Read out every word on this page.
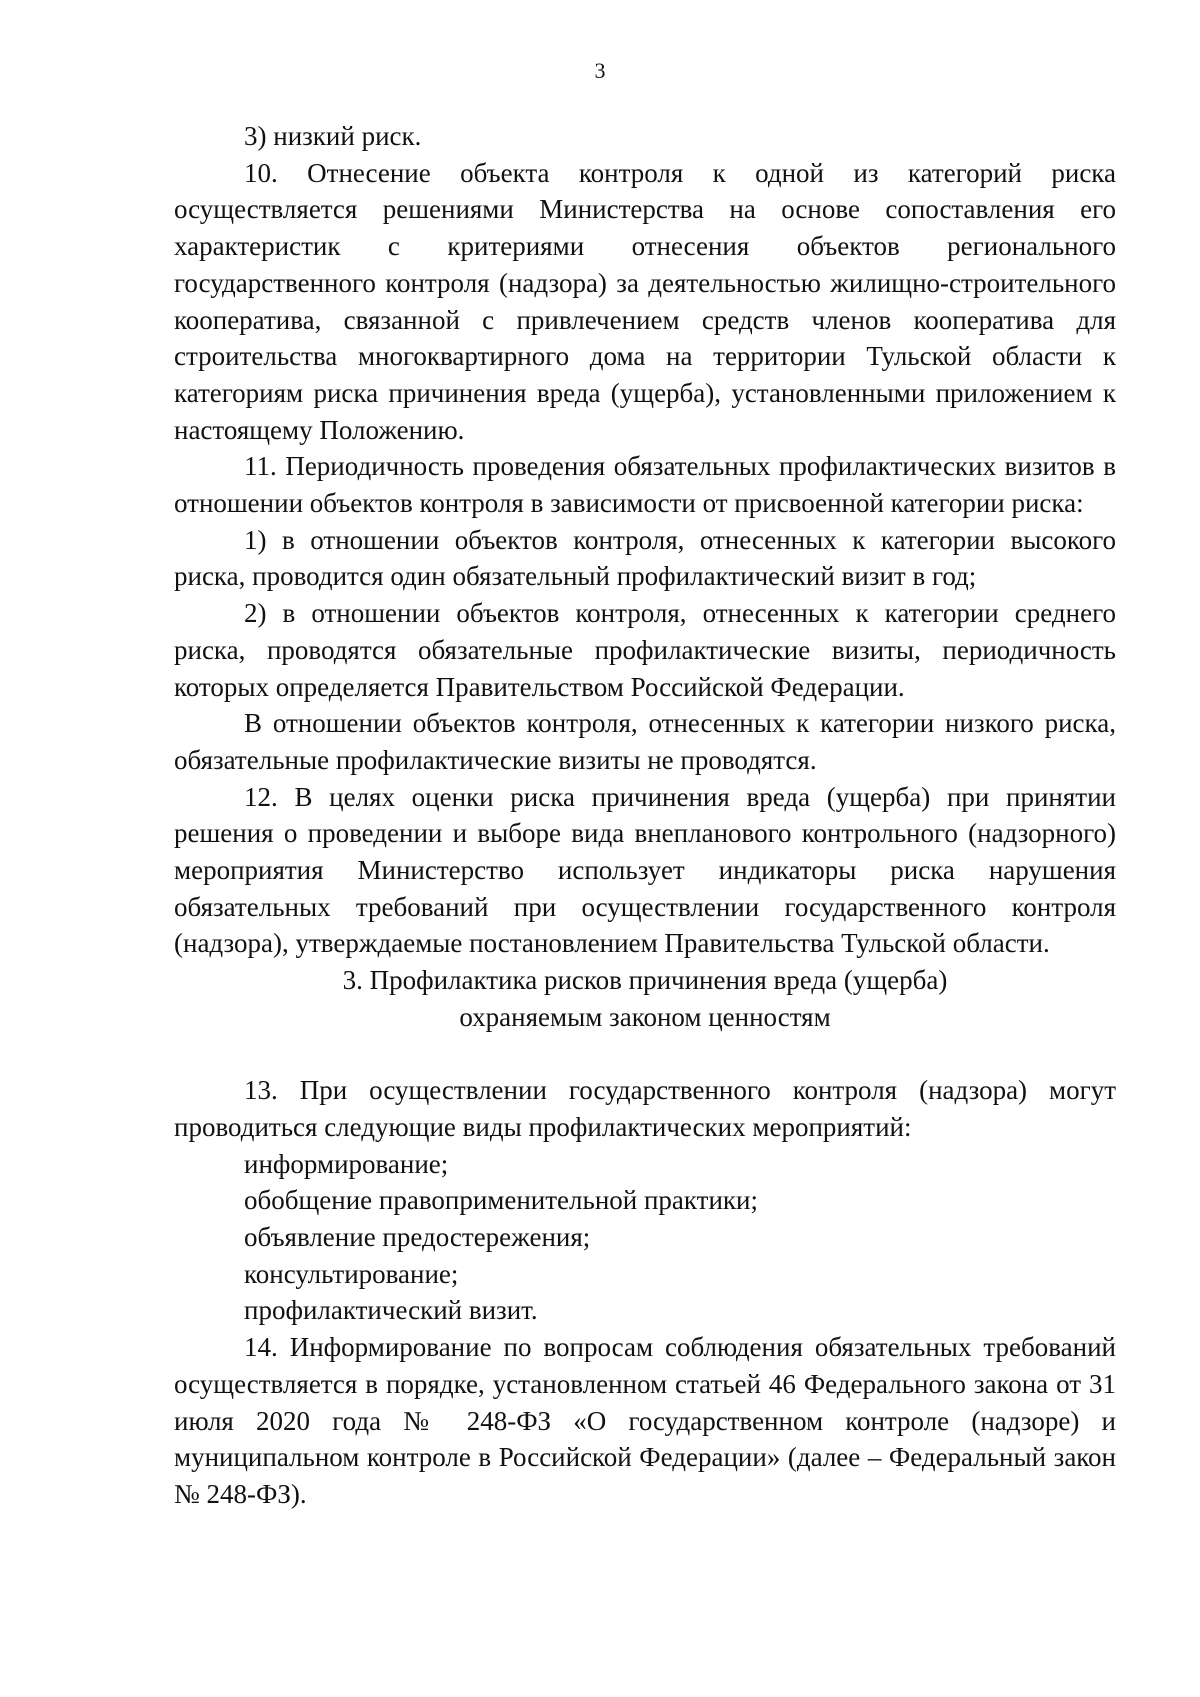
3

3) низкий риск.

10. Отнесение объекта контроля к одной из категорий риска осуществляется решениями Министерства на основе сопоставления его характеристик с критериями отнесения объектов регионального государственного контроля (надзора) за деятельностью жилищно-строительного кооператива, связанной с привлечением средств членов кооператива для строительства многоквартирного дома на территории Тульской области к категориям риска причинения вреда (ущерба), установленными приложением к настоящему Положению.

11. Периодичность проведения обязательных профилактических визитов в отношении объектов контроля в зависимости от присвоенной категории риска:

1) в отношении объектов контроля, отнесенных к категории высокого риска, проводится один обязательный профилактический визит в год;

2) в отношении объектов контроля, отнесенных к категории среднего риска, проводятся обязательные профилактические визиты, периодичность которых определяется Правительством Российской Федерации.

В отношении объектов контроля, отнесенных к категории низкого риска, обязательные профилактические визиты не проводятся.

12. В целях оценки риска причинения вреда (ущерба) при принятии решения о проведении и выборе вида внепланового контрольного (надзорного) мероприятия Министерство использует индикаторы риска нарушения обязательных требований при осуществлении государственного контроля (надзора), утверждаемые постановлением Правительства Тульской области.

3. Профилактика рисков причинения вреда (ущерба)

охраняемым законом ценностям

13. При осуществлении государственного контроля (надзора) могут проводиться следующие виды профилактических мероприятий:

информирование;

обобщение правоприменительной практики;

объявление предостережения;

консультирование;

профилактический визит.

14. Информирование по вопросам соблюдения обязательных требований осуществляется в порядке, установленном статьей 46 Федерального закона от 31 июля 2020 года № 248-ФЗ «О государственном контроле (надзоре) и муниципальном контроле в Российской Федерации» (далее – Федеральный закон № 248-ФЗ).
